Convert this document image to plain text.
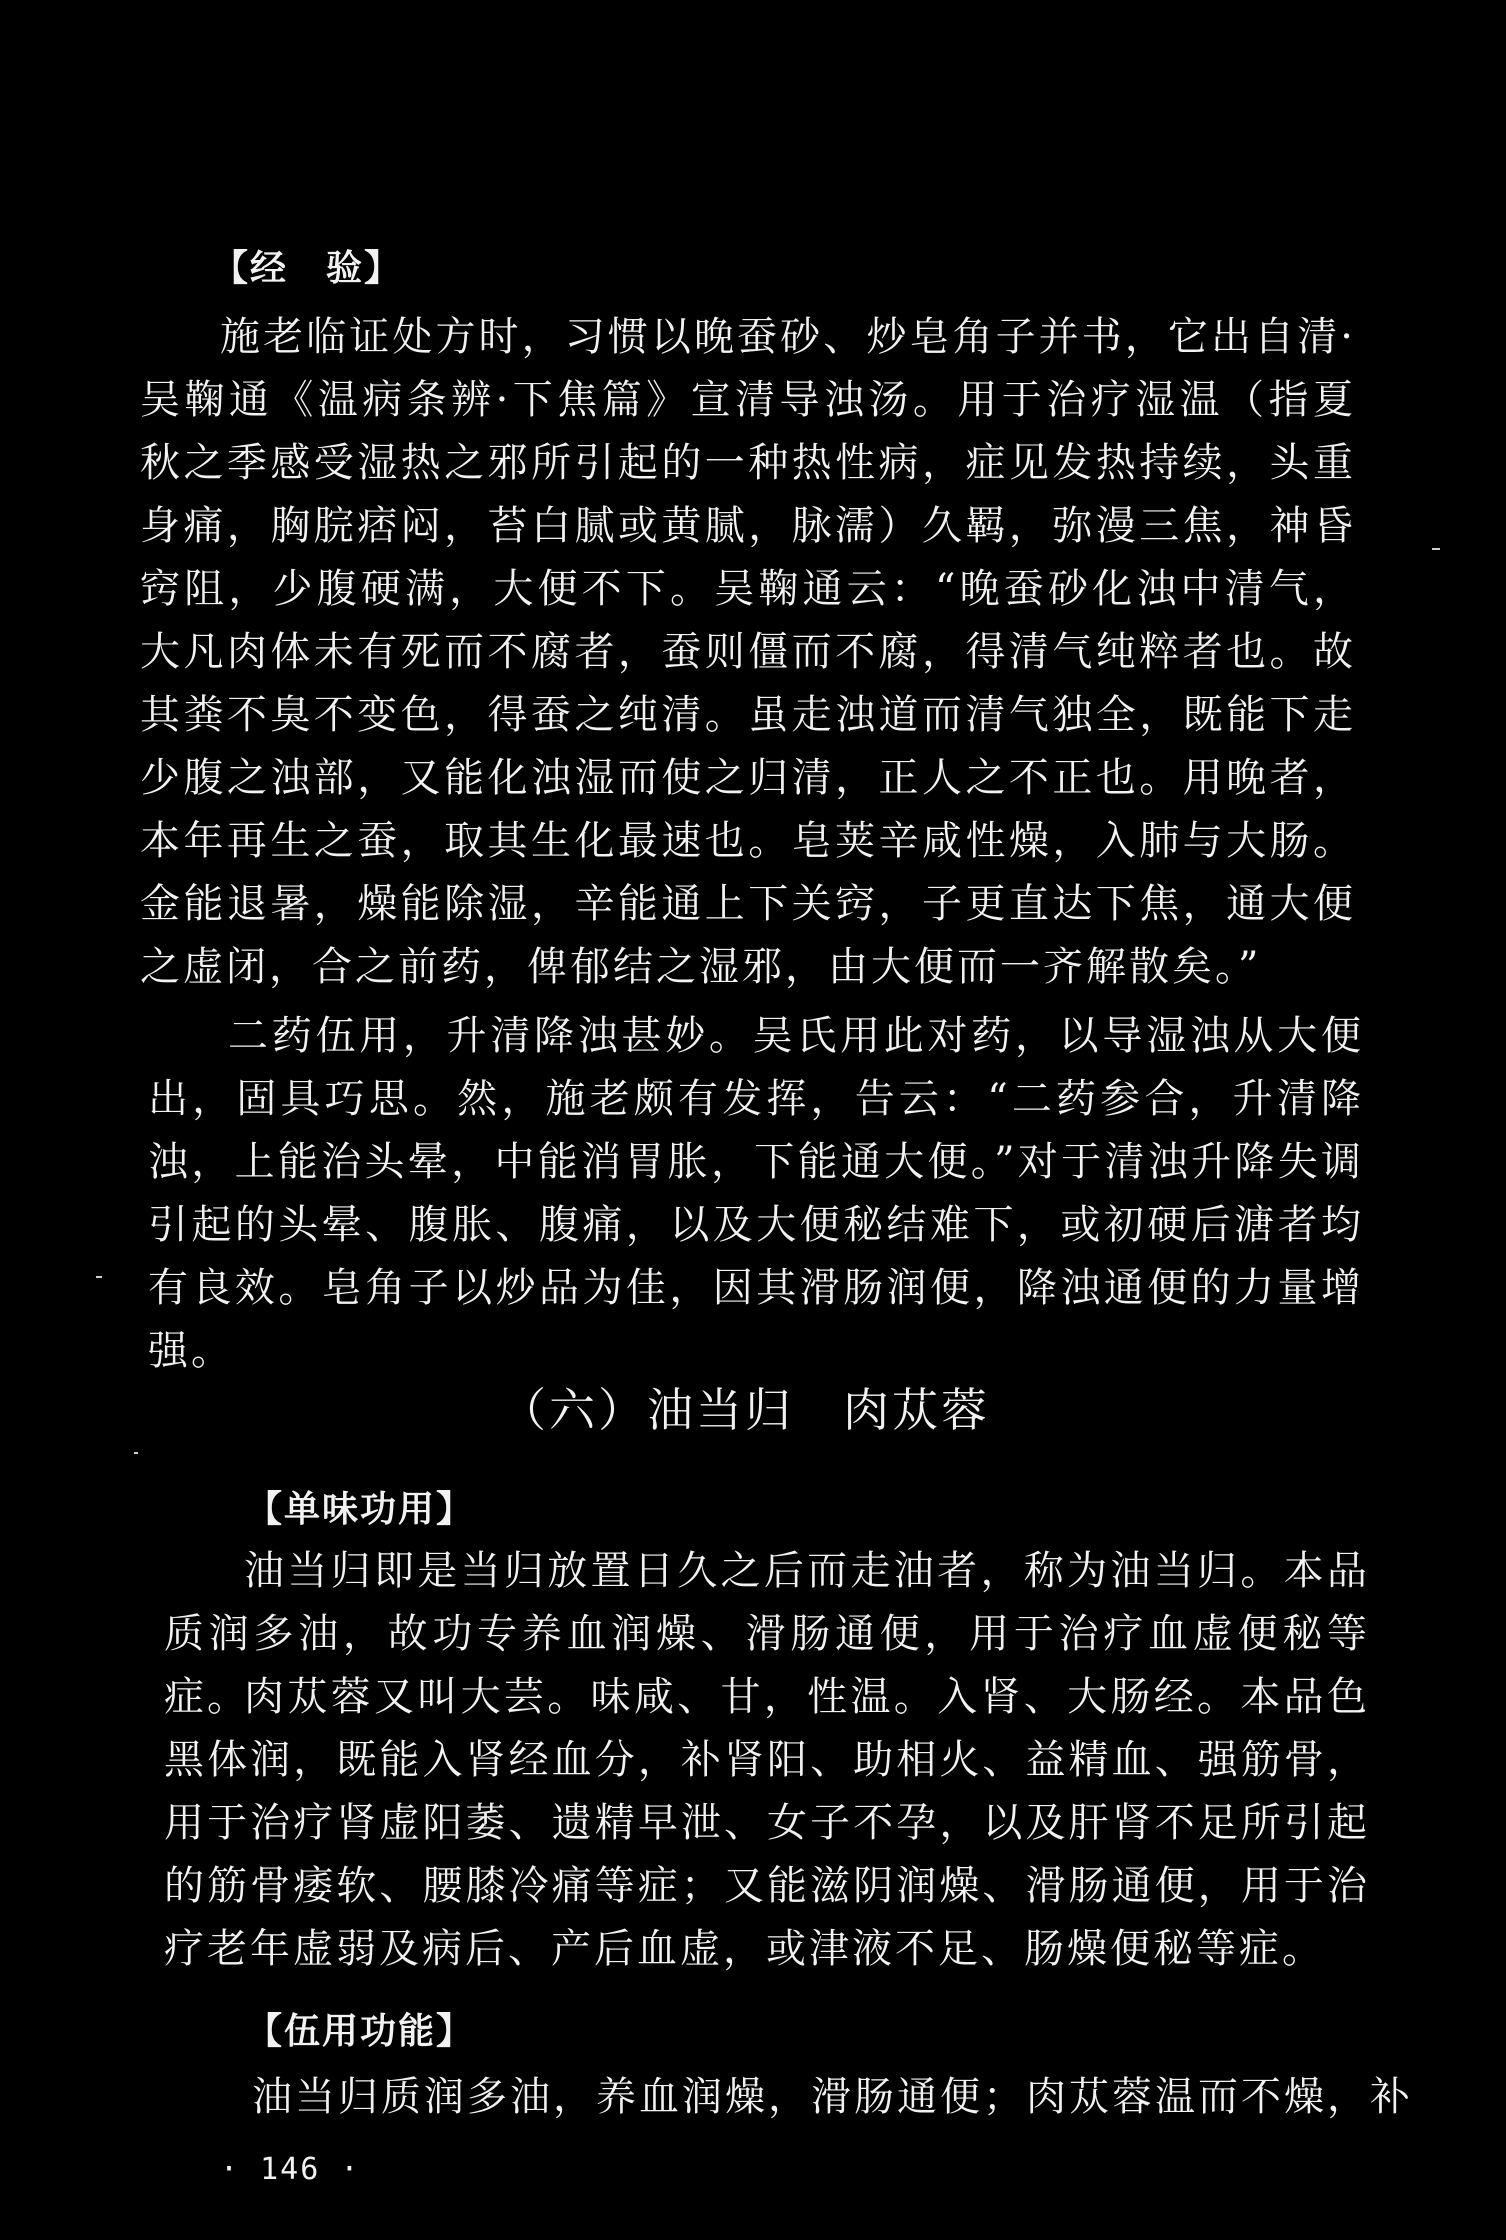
【经　验】

施老临证处方时，习惯以晚蚕砂、炒皂角子并书，它出自清·吴鞠通《温病条辨·下焦篇》宣清导浊汤。用于治疗湿温（指夏秋之季感受湿热之邪所引起的一种热性病，症见发热持续，头重身痛，胸脘痞闷，苔白腻或黄腻，脉濡）久羁，弥漫三焦，神昏窍阻，少腹硬满，大便不下。吴鞠通云：“晚蚕砂化浊中清气，大凡肉体未有死而不腐者，蚕则僵而不腐，得清气纯粹者也。故其粪不臭不变色，得蚕之纯清。虽走浊道而清气独全，既能下走少腹之浊部，又能化浊湿而使之归清，正人之不正也。用晚者，本年再生之蚕，取其生化最速也。皂荚辛咸性燥，入肺与大肠。金能退暑，燥能除湿，辛能通上下关窍，子更直达下焦，通大便之虚闭，合之前药，俾郁结之湿邪，由大便而一齐解散矣。”

二药伍用，升清降浊甚妙。吴氏用此对药，以导湿浊从大便出，固具巧思。然，施老颇有发挥，告云：“二药参合，升清降浊，上能治头晕，中能消胃胀，下能通大便。”对于清浊升降失调引起的头晕、腹胀、腹痛，以及大便秘结难下，或初硬后溏者均有良效。皂角子以炒品为佳，因其滑肠润便，降浊通便的力量增强。

（六）油当归　肉苁蓉
【单味功用】

油当归即是当归放置日久之后而走油者，称为油当归。本品质润多油，故功专养血润燥、滑肠通便，用于治疗血虚便秘等症。

肉苁蓉又叫大芸。味咸、甘，性温。入肾、大肠经。本品色黑体润，既能入肾经血分，补肾阳、助相火、益精血、强筋骨，用于治疗肾虚阳萎、遗精早泄、女子不孕，以及肝肾不足所引起的筋骨痿软、腰膝冷痛等症；又能滋阴润燥、滑肠通便，用于治疗老年虚弱及病后、产后血虚，或津液不足、肠燥便秘等症。

【伍用功能】

油当归质润多油，养血润燥，滑肠通便；肉苁蓉温而不燥，补

· 146 ·
